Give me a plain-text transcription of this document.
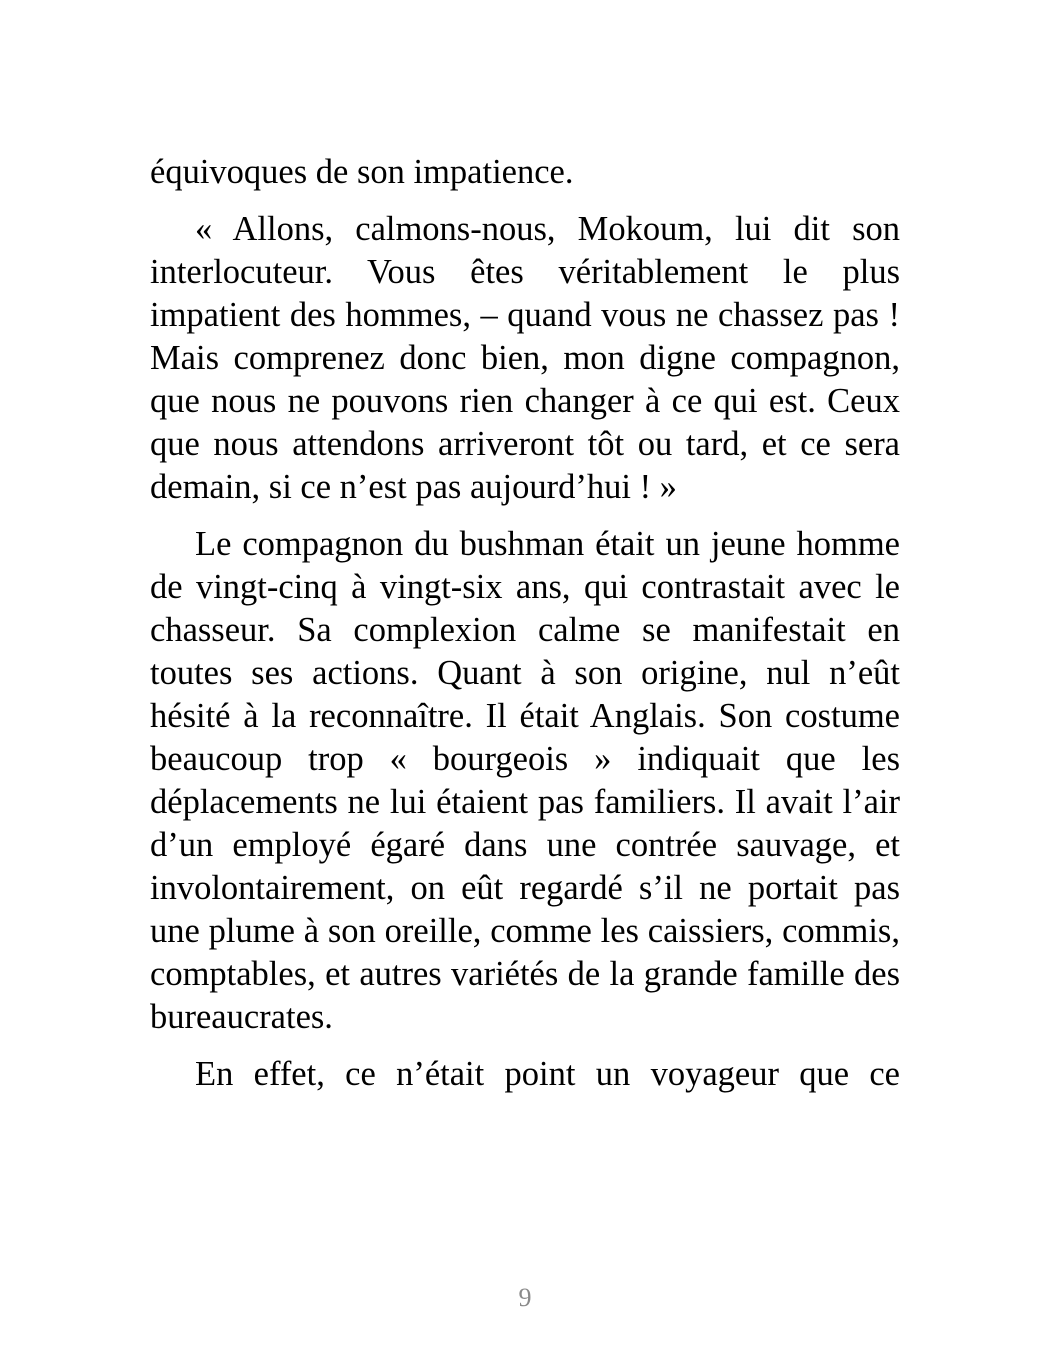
équivoques de son impatience.

« Allons, calmons-nous, Mokoum, lui dit son interlocuteur. Vous êtes véritablement le plus impatient des hommes, – quand vous ne chassez pas ! Mais comprenez donc bien, mon digne compagnon, que nous ne pouvons rien changer à ce qui est. Ceux que nous attendons arriveront tôt ou tard, et ce sera demain, si ce n’est pas aujourd’hui ! »

Le compagnon du bushman était un jeune homme de vingt-cinq à vingt-six ans, qui contrastait avec le chasseur. Sa complexion calme se manifestait en toutes ses actions. Quant à son origine, nul n’eût hésité à la reconnaître. Il était Anglais. Son costume beaucoup trop « bourgeois » indiquait que les déplacements ne lui étaient pas familiers. Il avait l’air d’un employé égaré dans une contrée sauvage, et involontairement, on eût regardé s’il ne portait pas une plume à son oreille, comme les caissiers, commis, comptables, et autres variétés de la grande famille des bureaucrates.

En effet, ce n’était point un voyageur que ce

9
